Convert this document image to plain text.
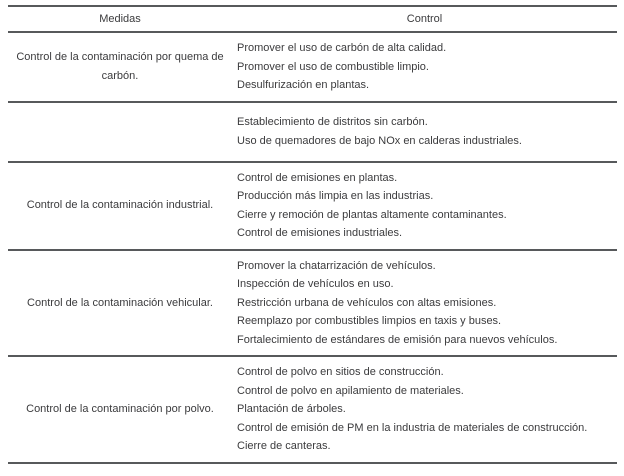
Medidas	Control
Control de la contaminación por quema de carbón.	Promover el uso de carbón de alta calidad.
Promover el uso de combustible limpio.
Desulfurización en plantas.

	Establecimiento de distritos sin carbón.
Uso de quemadores de bajo NOx en calderas industriales.

Control de la contaminación industrial.	Control de emisiones en plantas.
Producción más limpia en las industrias.
Cierre y remoción de plantas altamente contaminantes.
Control de emisiones industriales.

Control de la contaminación vehicular.	Promover la chatarrización de vehículos.
Inspección de vehículos en uso.
Restricción urbana de vehículos con altas emisiones.
Reemplazo por combustibles limpios en taxis y buses.
Fortalecimiento de estándares de emisión para nuevos vehículos.

Control de la contaminación por polvo.	Control de polvo en sitios de construcción.
Control de polvo en apilamiento de materiales.
Plantación de árboles.
Control de emisión de PM en la industria de materiales de construcción.
Cierre de canteras.
